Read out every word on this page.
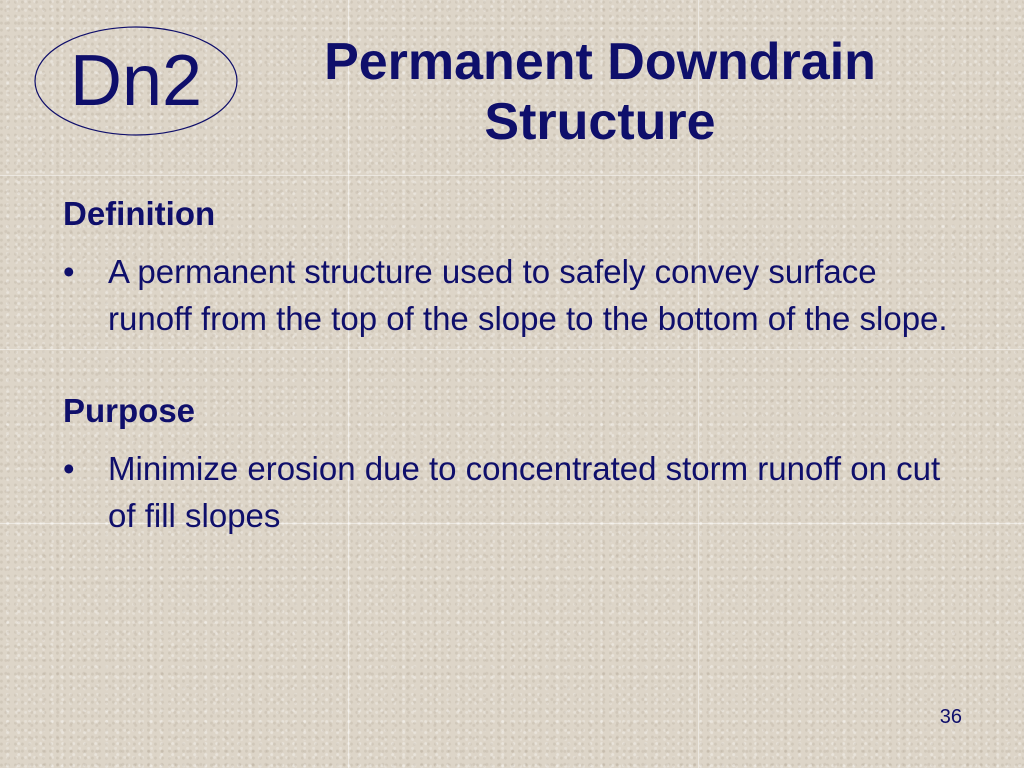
Dn2	Permanent Downdrain
Structure
Definition
• A permanent structure used to safely convey surface runoff from the top of the slope to the bottom of the slope.
Purpose
• Minimize erosion due to concentrated storm runoff on cut of fill slopes
36
